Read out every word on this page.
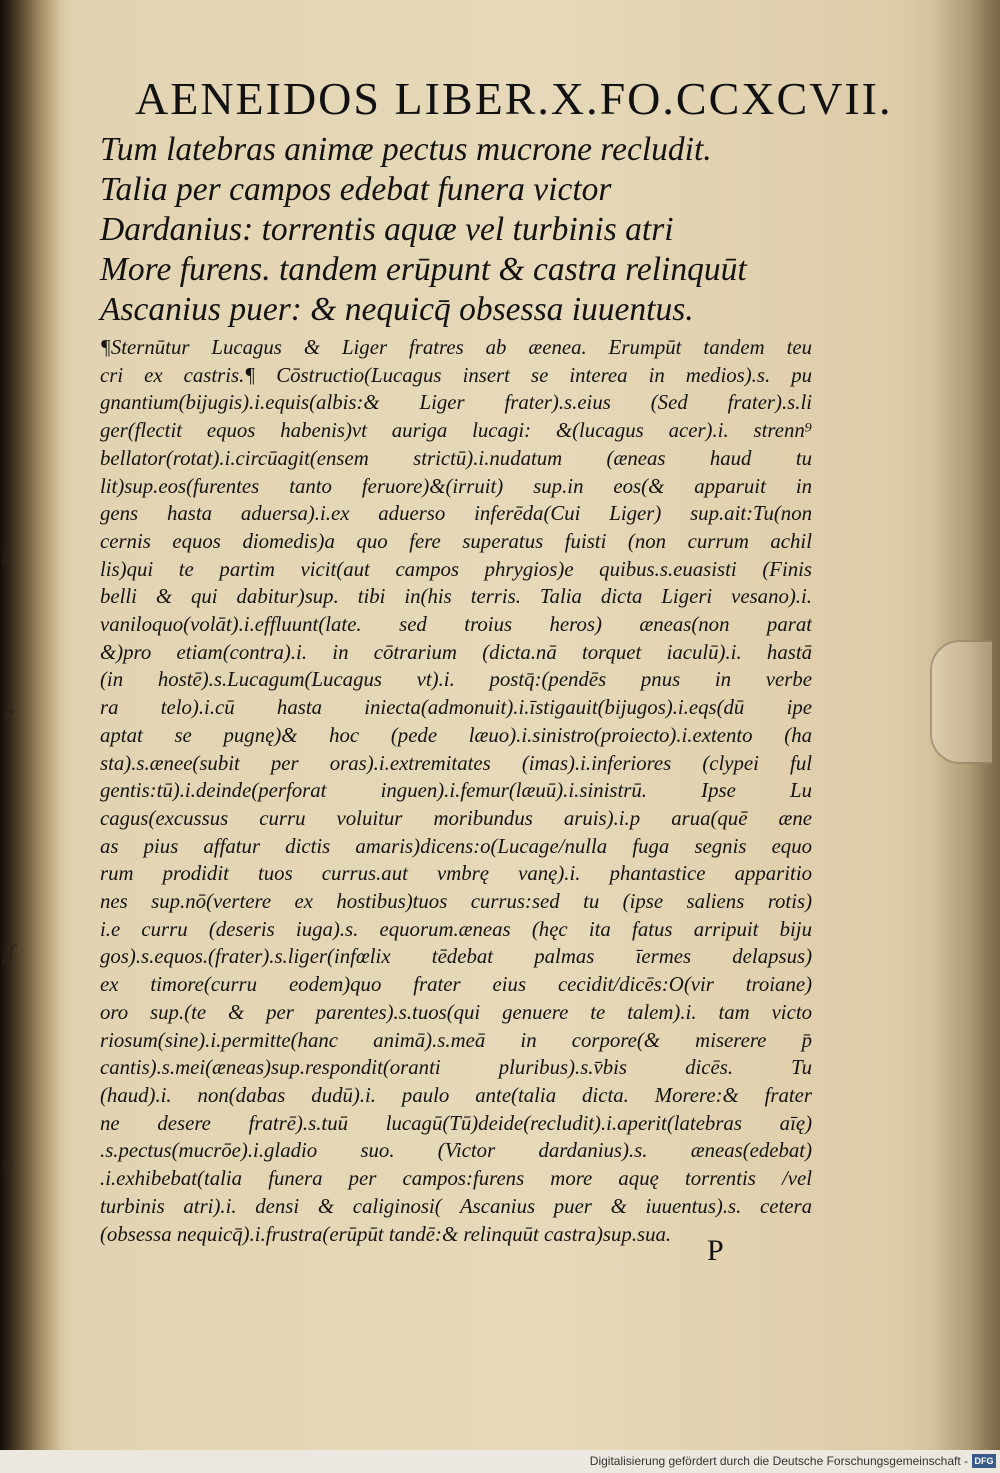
ſ
e
ſſ
c
AENEIDOS LIBER.X. FO.CCXCVII.
Tum latebras animæ pectus mucrone recludit.
Talia per campos edebat funera victor
Dardanius: torrentis aquæ vel turbinis atri
More furens. tandem erūpunt & castra relinquūt
Ascanius puer: & nequicq̄ obsessa iuuentus.
¶Sternūtur Lucagus & Liger fratres ab æenea. Erumpūt tandem teu
cri ex castris.¶ Cōstructio(Lucagus insert se interea in medios).s. pu
gnantium(bijugis).i.equis(albis:& Liger frater).s.eius (Sed frater).s.li
ger(flectit equos habenis)vt auriga lucagi: &(lucagus acer).i. strenn⁹
bellator(rotat).i.circūagit(ensem strictū).i.nudatum (æneas haud tu
lit)sup.eos(furentes tanto feruore)&(irruit) sup.in eos(& apparuit in
gens hasta aduersa).i.ex aduerso inferēda(Cui Liger) sup.ait:Tu(non
cernis equos diomedis)a quo fere superatus fuisti (non currum achil
lis)qui te partim vicit(aut campos phrygios)e quibus.s.euasisti (Finis
belli & qui dabitur)sup. tibi in(his terris. Talia dicta Ligeri vesano).i.
vaniloquo(volāt).i.effluunt(late. sed troius heros) æneas(non parat
&)pro etiam(contra).i. in cōtrarium (dicta.nā torquet iaculū).i. hastā
(in hostē).s.Lucagum(Lucagus vt).i. postq̄:(pendēs pnus in verbe
ra telo).i.cū hasta iniecta(admonuit).i.īstigauit(bijugos).i.eqs(dū ipe
aptat se pugnę)& hoc (pede læuo).i.sinistro(proiecto).i.extento (ha
sta).s.ænee(subit per oras).i.extremitates (imas).i.inferiores (clypei ful
gentis:tū).i.deinde(perforat inguen).i.femur(læuū).i.sinistrū. Ipse Lu
cagus(excussus curru voluitur moribundus aruis).i.p arua(quē æne
as pius affatur dictis amaris)dicens:o(Lucage/nulla fuga segnis equo
rum prodidit tuos currus.aut vmbrę vanę).i. phantastice apparitio
nes sup.nō(vertere ex hostibus)tuos currus:sed tu (ipse saliens rotis)
i.e curru (deseris iuga).s. equorum.æneas (hęc ita fatus arripuit biju
gos).s.equos.(frater).s.liger(infœlix tēdebat palmas īermes delapsus)
ex timore(curru eodem)quo frater eius cecidit/dicēs:O(vir troiane)
oro sup.(te & per parentes).s.tuos(qui genuere te talem).i. tam victo
riosum(sine).i.permitte(hanc animā).s.meā in corpore(& miserere p̄
cantis).s.mei(æneas)sup.respondit(oranti pluribus).s.v̄bis dicēs. Tu
(haud).i. non(dabas dudū).i. paulo ante(talia dicta. Morere:& frater
ne desere fratrē).s.tuū lucagū(Tū)deide(recludit).i.aperit(latebras aīę)
.s.pectus(mucrōe).i.gladio suo. (Victor dardanius).s. æneas(edebat)
.i.exhibebat(talia funera per campos:furens more aquę torrentis /vel
turbinis atri).i. densi & caliginosi( Ascanius puer & iuuentus).s. cetera
(obsessa nequicq̄).i.frustra(erūpūt tandē:& relinquūt castra)sup.sua.	P
Digitalisierung gefördert durch die Deutsche Forschungsgemeinschaft - DFG
